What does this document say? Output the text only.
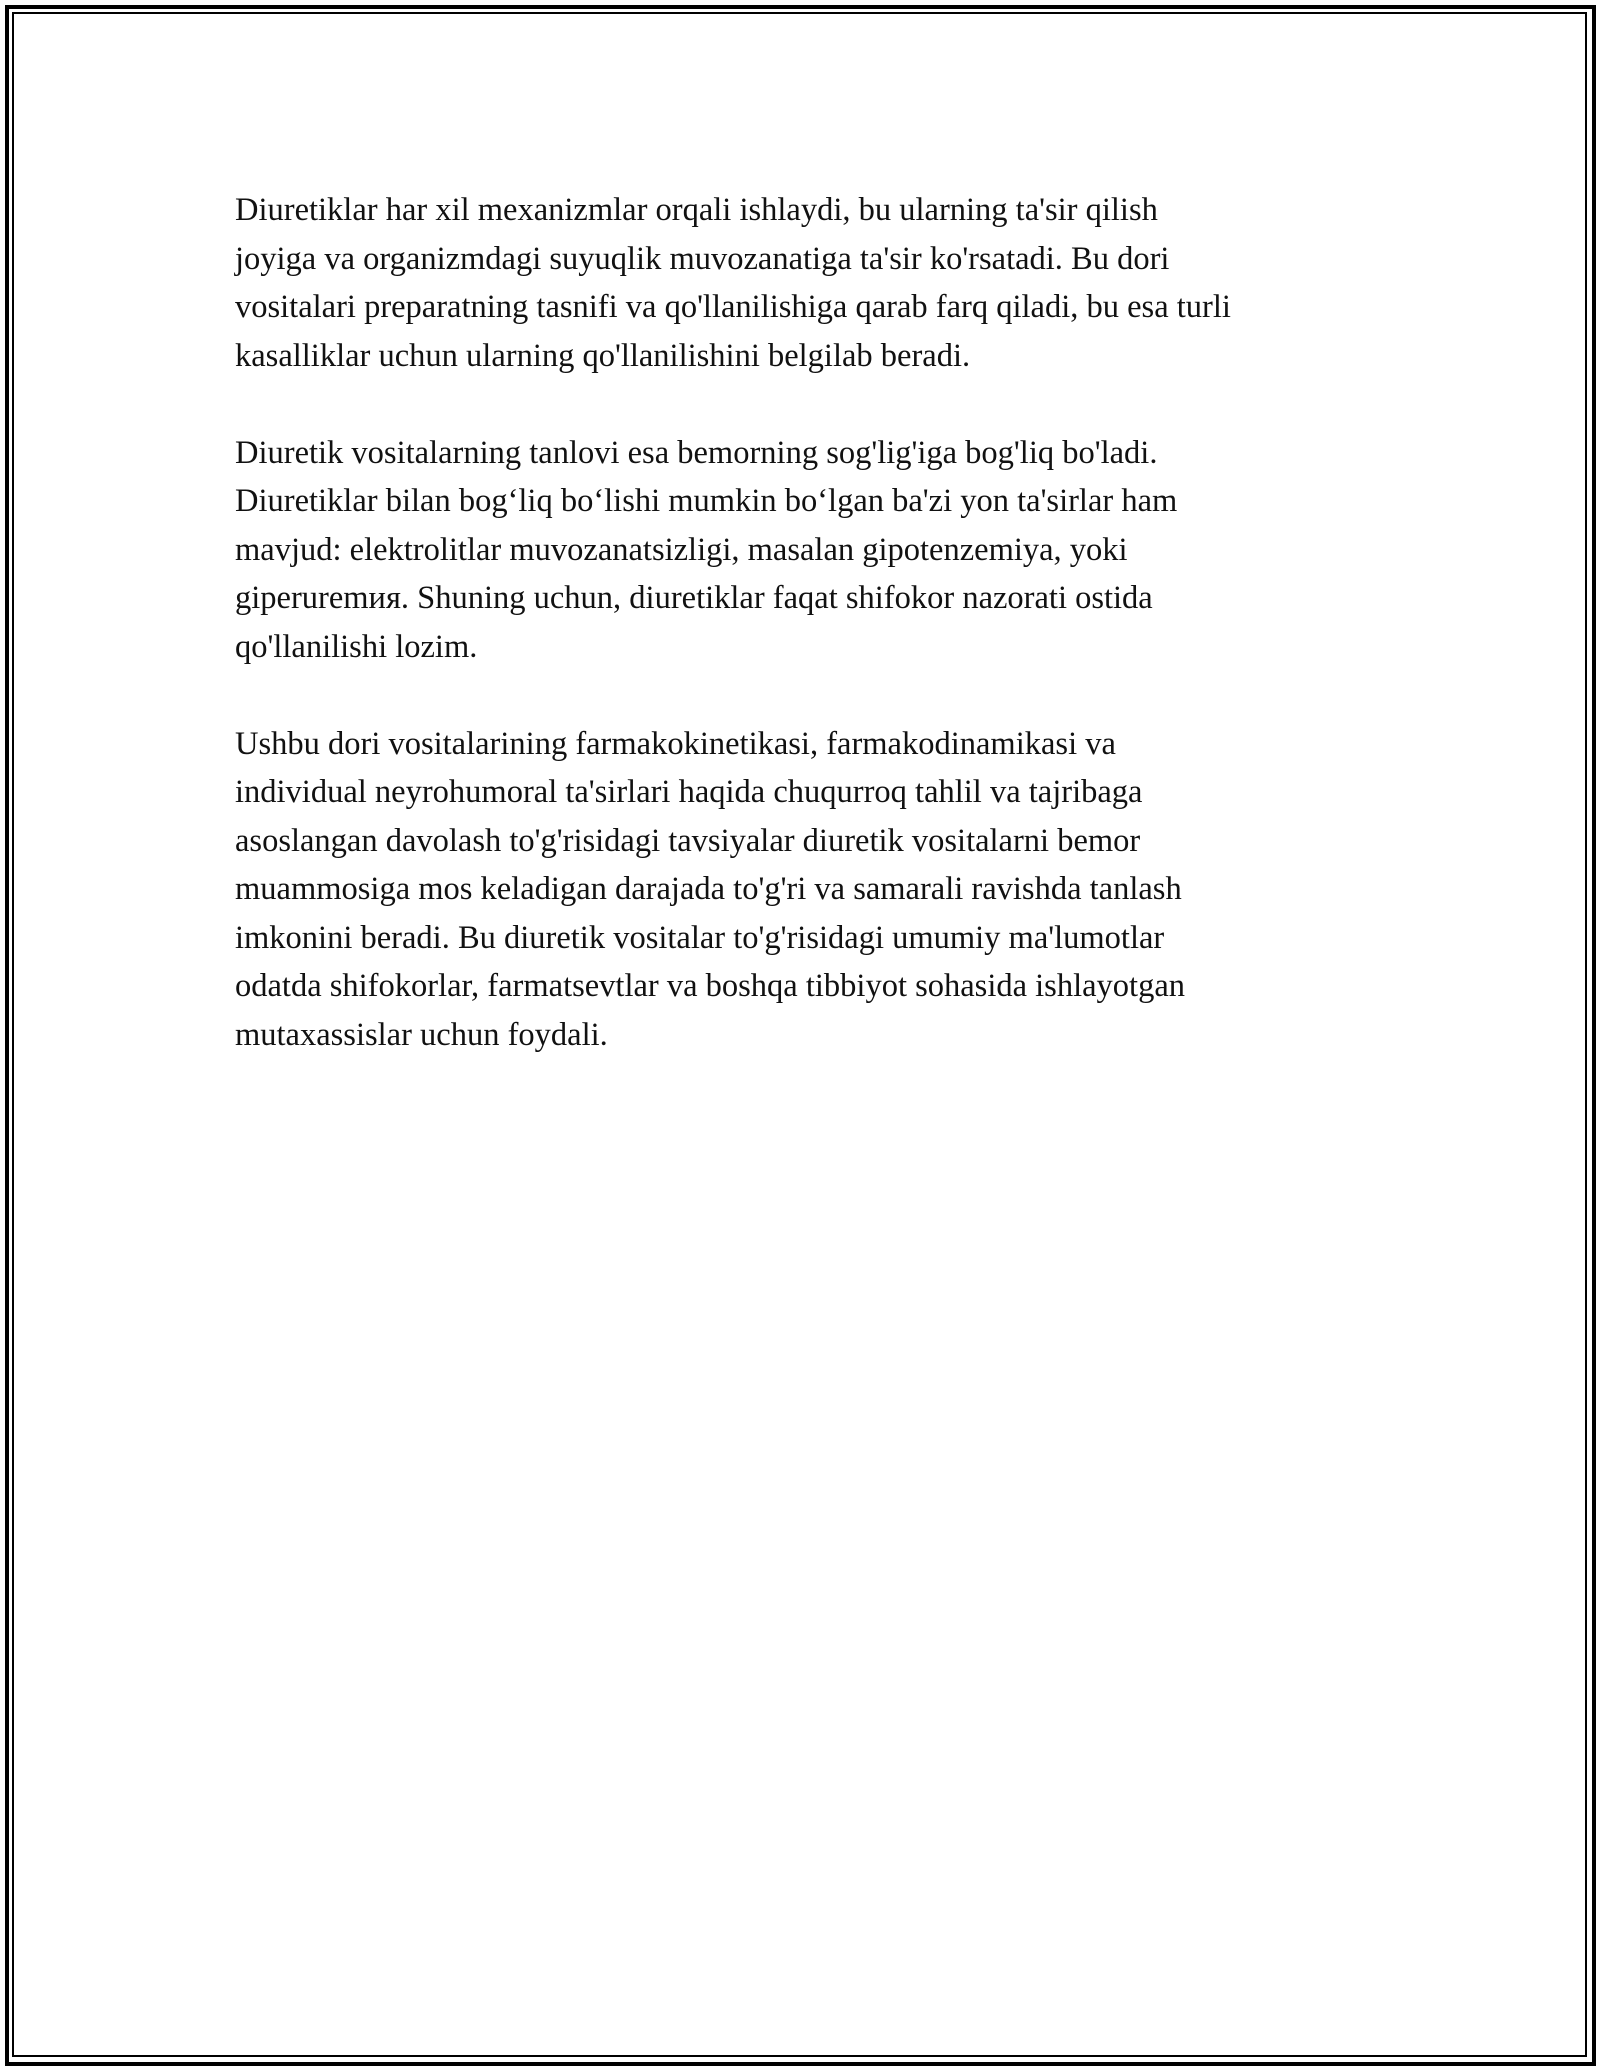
Diuretiklar har xil mexanizmlar orqali ishlaydi, bu ularning ta'sir qilish
joyiga va organizmdagi suyuqlik muvozanatiga ta'sir ko'rsatadi. Bu dori
vositalari preparatning tasnifi va qo'llanilishiga qarab farq qiladi, bu esa turli
kasalliklar uchun ularning qo'llanilishini belgilab beradi.

Diuretik vositalarning tanlovi esa bemorning sog'lig'iga bog'liq bo'ladi.
Diuretiklar bilan bog‘liq bo‘lishi mumkin bo‘lgan ba'zi yon ta'sirlar ham
mavjud: elektrolitlar muvozanatsizligi, masalan gipotenzemiya, yoki
giperuremия. Shuning uchun, diuretiklar faqat shifokor nazorati ostida
qo'llanilishi lozim.

Ushbu dori vositalarining farmakokinetikasi, farmakodinamikasi va
individual neyrohumoral ta'sirlari haqida chuqurroq tahlil va tajribaga
asoslangan davolash to'g'risidagi tavsiyalar diuretik vositalarni bemor
muammosiga mos keladigan darajada to'g'ri va samarali ravishda tanlash
imkonini beradi. Bu diuretik vositalar to'g'risidagi umumiy ma'lumotlar
odatda shifokorlar, farmatsevtlar va boshqa tibbiyot sohasida ishlayotgan
mutaxassislar uchun foydali.
